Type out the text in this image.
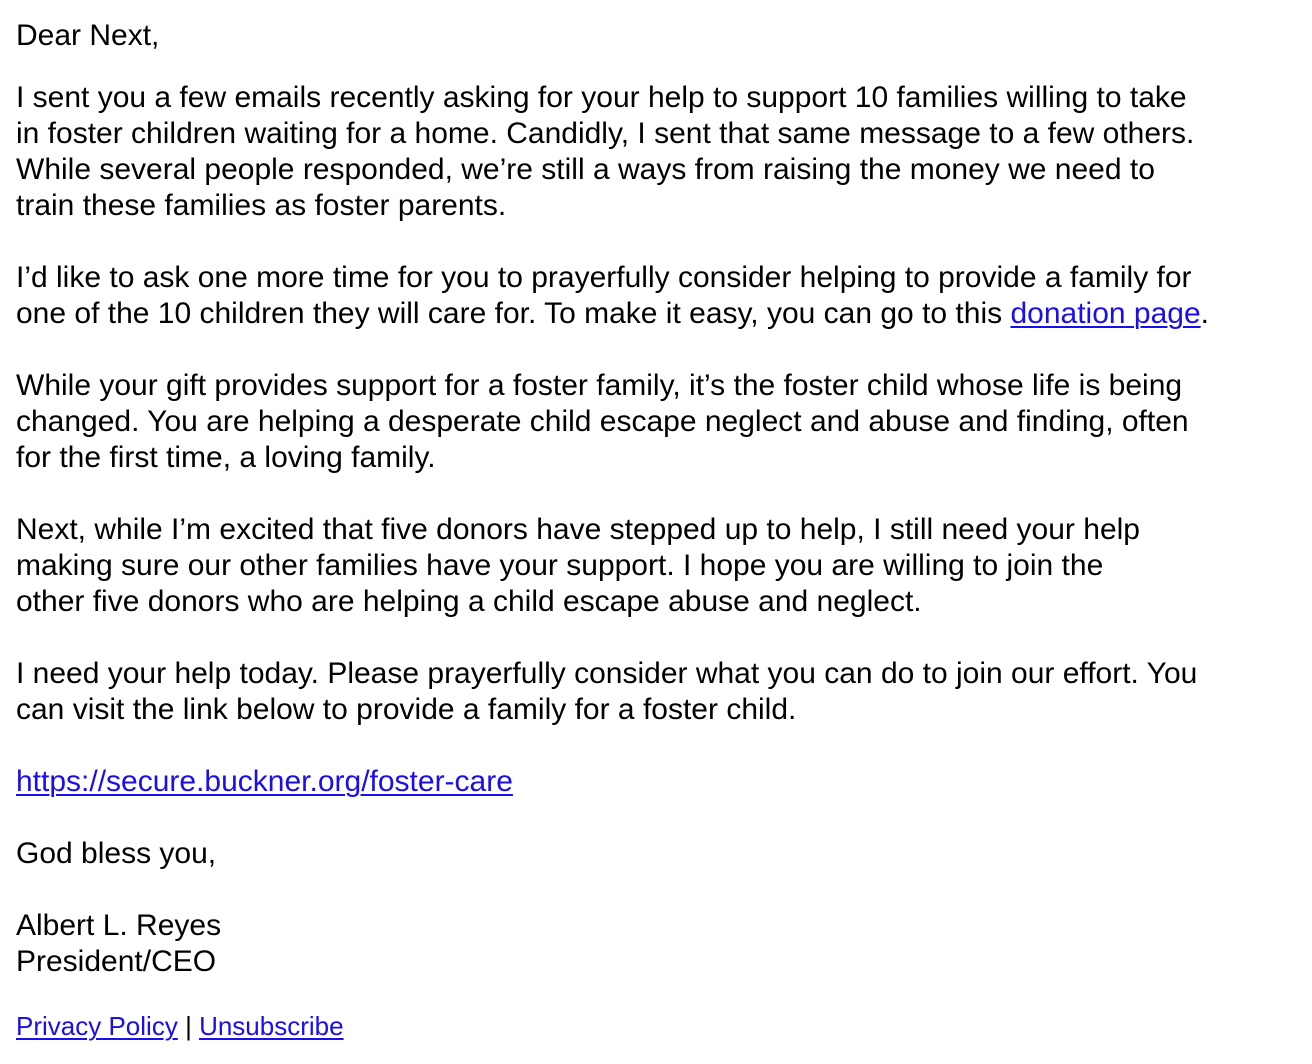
Dear Next,
I sent you a few emails recently asking for your help to support 10 families willing to take
in foster children waiting for a home. Candidly, I sent that same message to a few others.
While several people responded, we’re still a ways from raising the money we need to
train these families as foster parents.
I’d like to ask one more time for you to prayerfully consider helping to provide a family for
one of the 10 children they will care for. To make it easy, you can go to this donation page.
While your gift provides support for a foster family, it’s the foster child whose life is being
changed. You are helping a desperate child escape neglect and abuse and finding, often
for the first time, a loving family.
Next, while I’m excited that five donors have stepped up to help, I still need your help
making sure our other families have your support. I hope you are willing to join the
other five donors who are helping a child escape abuse and neglect.
I need your help today. Please prayerfully consider what you can do to join our effort. You
can visit the link below to provide a family for a foster child.
https://secure.buckner.org/foster-care
God bless you,
Albert L. Reyes
President/CEO
Privacy Policy | Unsubscribe
